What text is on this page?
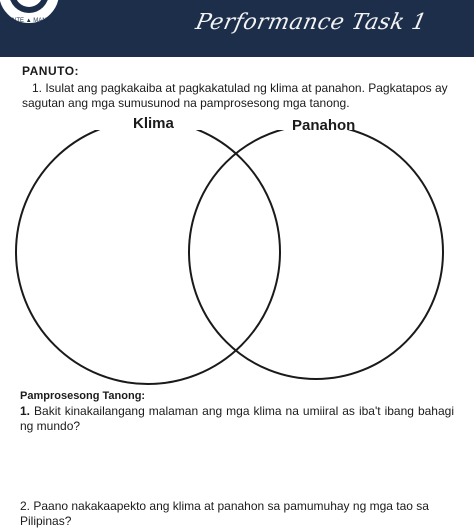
MONTE ▲ MANILA	Performance Task 1
PANUTO:
1. Isulat ang pagkakaiba at pagkakatulad ng klima at panahon. Pagkatapos ay sagutan ang mga sumusunod na pamprosesong mga tanong.
Klima	Panahon
Pamprosesong Tanong:
1. Bakit kinakailangang malaman ang mga klima na umiiral as iba't ibang bahagi ng mundo?
2. Paano nakakaapekto ang klima at panahon sa pamumuhay ng mga tao sa Pilipinas?
